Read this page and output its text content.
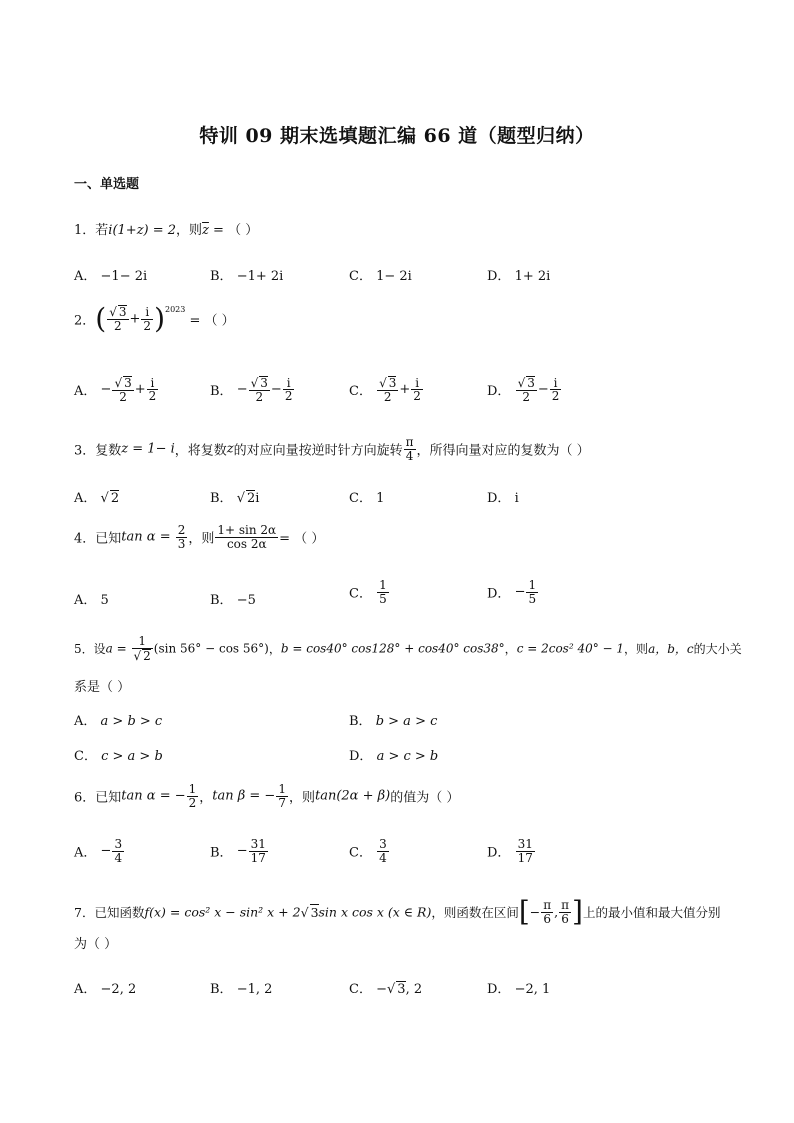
特训 09 期末选填题汇编 66 道（题型归纳）
一、单选题
1．若i(1+z) = 2，则$\overline{z}$ = （ ）
A． −1− 2i	B． −1+ 2i	C． 1− 2i	D． 1+ 2i
2．( $\frac{√ 3}{2} + \frac{i}{2} )^{2023}$ = （ ）
A． − $\frac{√ 3}{2} + \frac{i}{2}$	B． − $\frac{√ 3}{2} - \frac{i}{2}$	C． $\frac{√ 3}{2} + \frac{i}{2}$	D． $\frac{√ 3}{2} - \frac{i}{2}$
3．复数z = 1− i，将复数z的对应向量按逆时针方向旋转 $\frac{\pi}{4}$ ，所得向量对应的复数为（ ）
A． √ 2	B． √ 2i	C． 1	D． i
4．已知$\tan \alpha = \frac{2}{3}$ ，则 $\frac{1+ \sin 2\alpha}{\cos 2\alpha}$ = （ ）
A． 5	B． −5	C． $\frac{1}{5}$	D． − $\frac{1}{5}$
5．设$a = \frac{1}{√ 2} (\sin$ 56° − cos 56°)，b = cos40° cos128° + cos40° cos38°，c = 2cos² 40° − 1，则a，b，c的大小关
系是（ ）
A． a > b > c	B． b > a > c
C． c > a > b	D． a > c > b
6．已知tan α = − $\frac{1}{2}$ ，tan β = − $\frac{1}{7}$ ，则tan(2α + β)的值为（ ）
A． − $\frac{3}{4}$	B． − $\frac{31}{17}$	C． $\frac{3}{4}$	D． $\frac{31}{17}$
7．已知函数f(x) = cos² x − sin² x + 2√ 3sin x cos x (x ∈ R)，则函数在区间[− $\frac{\pi}{6}$ , $\frac{\pi}{6}$ ]上的最小值和最大值分别
为（ ）
A． −2, 2	B． −1, 2	C． −√ 3, 2	D． −2, 1
